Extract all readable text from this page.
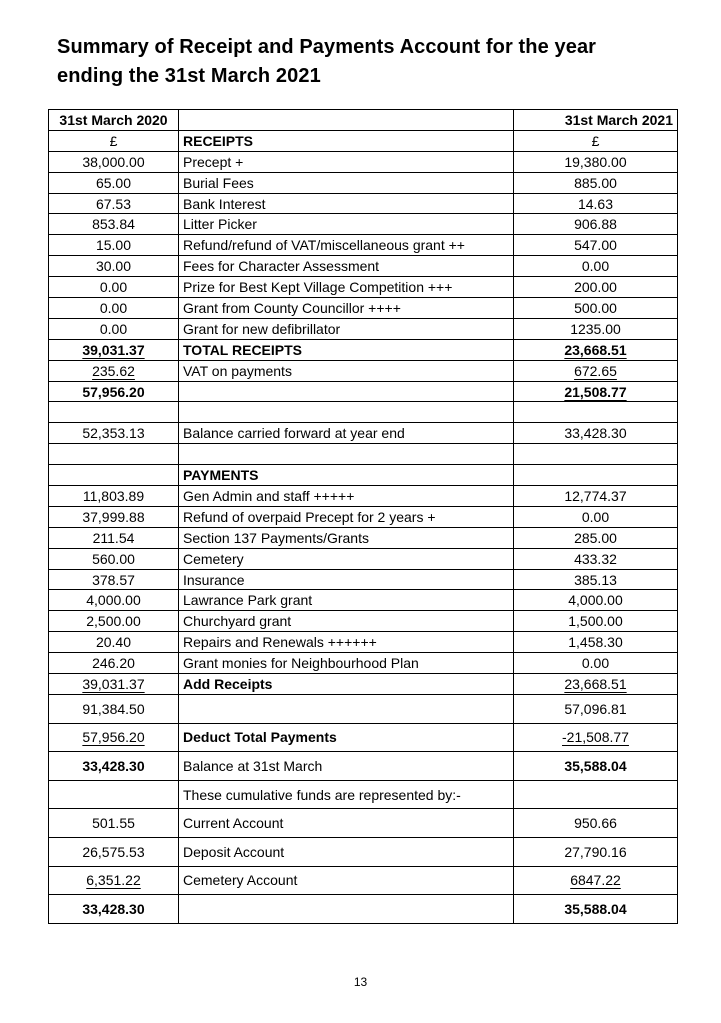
Summary of Receipt and Payments Account for the year
ending the 31st March 2021
31st March 2020		31st March 2021
£	RECEIPTS	£
38,000.00	Precept +	19,380.00
65.00	Burial Fees	885.00
67.53	Bank Interest	14.63
853.84	Litter Picker	906.88
15.00	Refund/refund of VAT/miscellaneous grant ++	547.00
30.00	Fees for Character Assessment	0.00
0.00	Prize for Best Kept Village Competition +++	200.00
0.00	Grant from County Councillor ++++	500.00
0.00	Grant for new defibrillator	1235.00
39,031.37	TOTAL RECEIPTS	23,668.51
235.62	VAT on payments	672.65
57,956.20		21,508.77

52,353.13	Balance carried forward at year end	33,428.30

	PAYMENTS	
11,803.89	Gen Admin and staff +++++	12,774.37
37,999.88	Refund of overpaid Precept for 2 years +	0.00
211.54	Section 137 Payments/Grants	285.00
560.00	Cemetery	433.32
378.57	Insurance	385.13
4,000.00	Lawrance Park grant	4,000.00
2,500.00	Churchyard grant	1,500.00
20.40	Repairs and Renewals ++++++	1,458.30
246.20	Grant monies for Neighbourhood Plan	0.00
39,031.37	Add Receipts	23,668.51
91,384.50		57,096.81
57,956.20	Deduct Total Payments	-21,508.77
33,428.30	Balance at 31st March	35,588.04
	These cumulative funds are represented by:-	
501.55	Current Account	950.66
26,575.53	Deposit Account	27,790.16
6,351.22	Cemetery Account	6847.22
33,428.30		35,588.04
13
